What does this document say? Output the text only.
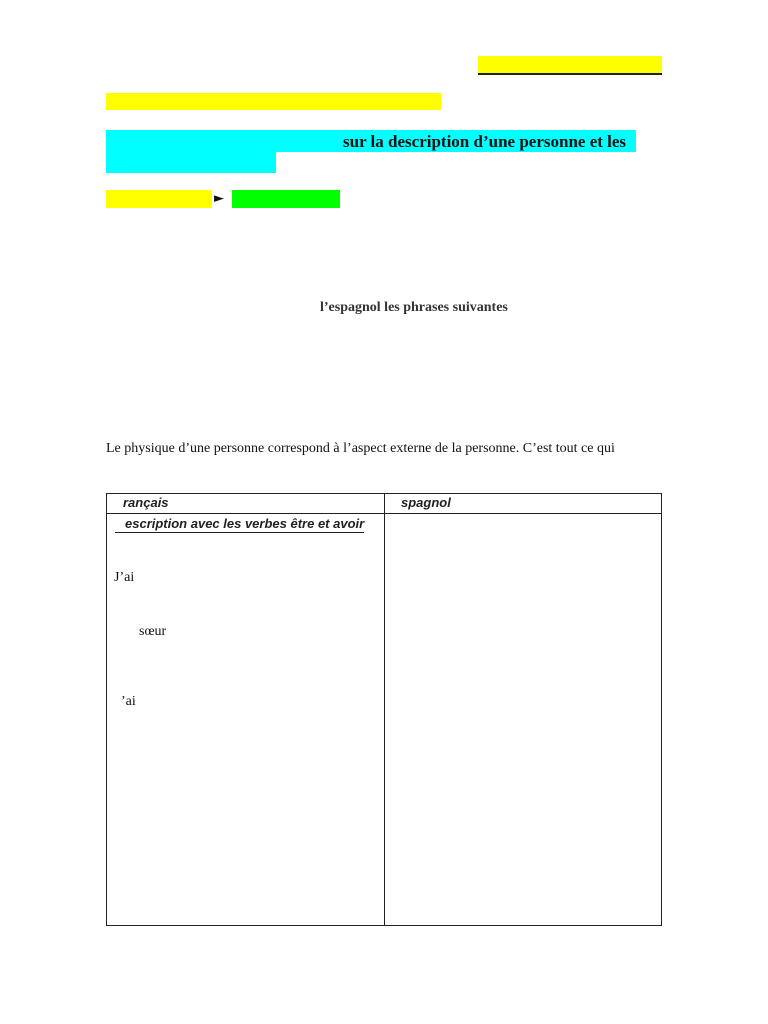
sur la description d’une personne et les
►
l’espagnol les phrases suivantes
Le physique d’une personne correspond à l’aspect externe de la personne. C’est tout ce qui
rançais	spagnol
escription avec les verbes être et avoir
J’ai
sœur
’ai
